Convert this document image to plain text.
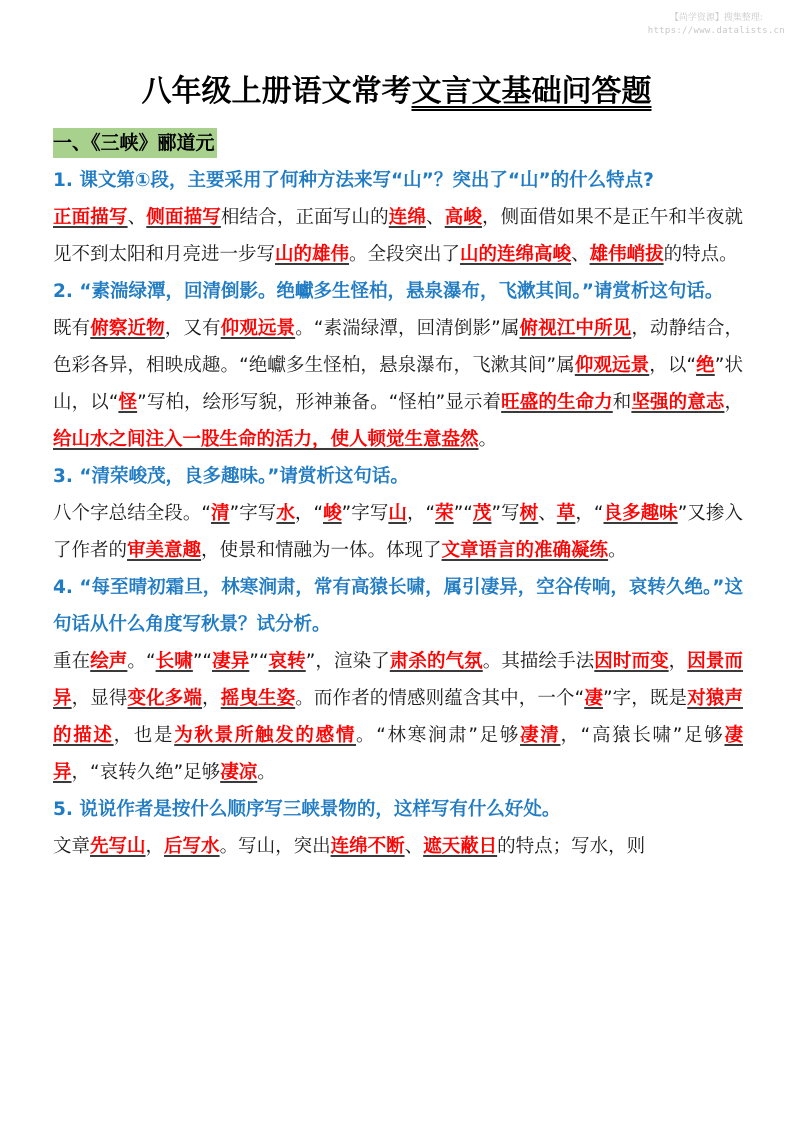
【尚学资源】搜集整理:
https://www.datalists.cn
八年级上册语文常考文言文基础问答题
一、《三峡》郦道元

1. 课文第①段，主要采用了何种方法来写“山”？突出了“山”的什么特点?

正面描写、侧面描写相结合，正面写山的连绵、高峻，侧面借如果不是正午和半夜就见不到太阳和月亮进一步写山的雄伟。全段突出了山的连绵高峻、雄伟峭拔的特点。

2. “素湍绿潭，回清倒影。绝巘多生怪柏，悬泉瀑布，飞漱其间。”请赏析这句话。

既有俯察近物，又有仰观远景。“素湍绿潭，回清倒影”属俯视江中所见，动静结合，色彩各异，相映成趣。“绝巘多生怪柏，悬泉瀑布，飞漱其间”属仰观远景，以“绝”状山，以“怪”写柏，绘形写貌，形神兼备。“怪柏”显示着旺盛的生命力和坚强的意志，给山水之间注入一股生命的活力，使人顿觉生意盎然。

3. “清荣峻茂，良多趣味。”请赏析这句话。

八个字总结全段。“清”字写水，“峻”字写山，“荣”“茂”写树、草，“良多趣味”又掺入了作者的审美意趣，使景和情融为一体。体现了文章语言的准确凝练。

4. “每至晴初霜旦，林寒涧肃，常有高猿长啸，属引凄异，空谷传响，哀转久绝。”这句话从什么角度写秋景？试分析。

重在绘声。“长啸”“凄异”“哀转”，渲染了肃杀的气氛。其描绘手法因时而变，因景而异，显得变化多端，摇曳生姿。而作者的情感则蕴含其中，一个“凄”字，既是对猿声的描述，也是为秋景所触发的感情。“林寒涧肃”足够凄清，“高猿长啸”足够凄异，“哀转久绝”足够凄凉。

5. 说说作者是按什么顺序写三峡景物的，这样写有什么好处。

文章先写山，后写水。写山，突出连绵不断、遮天蔽日的特点；写水，则
